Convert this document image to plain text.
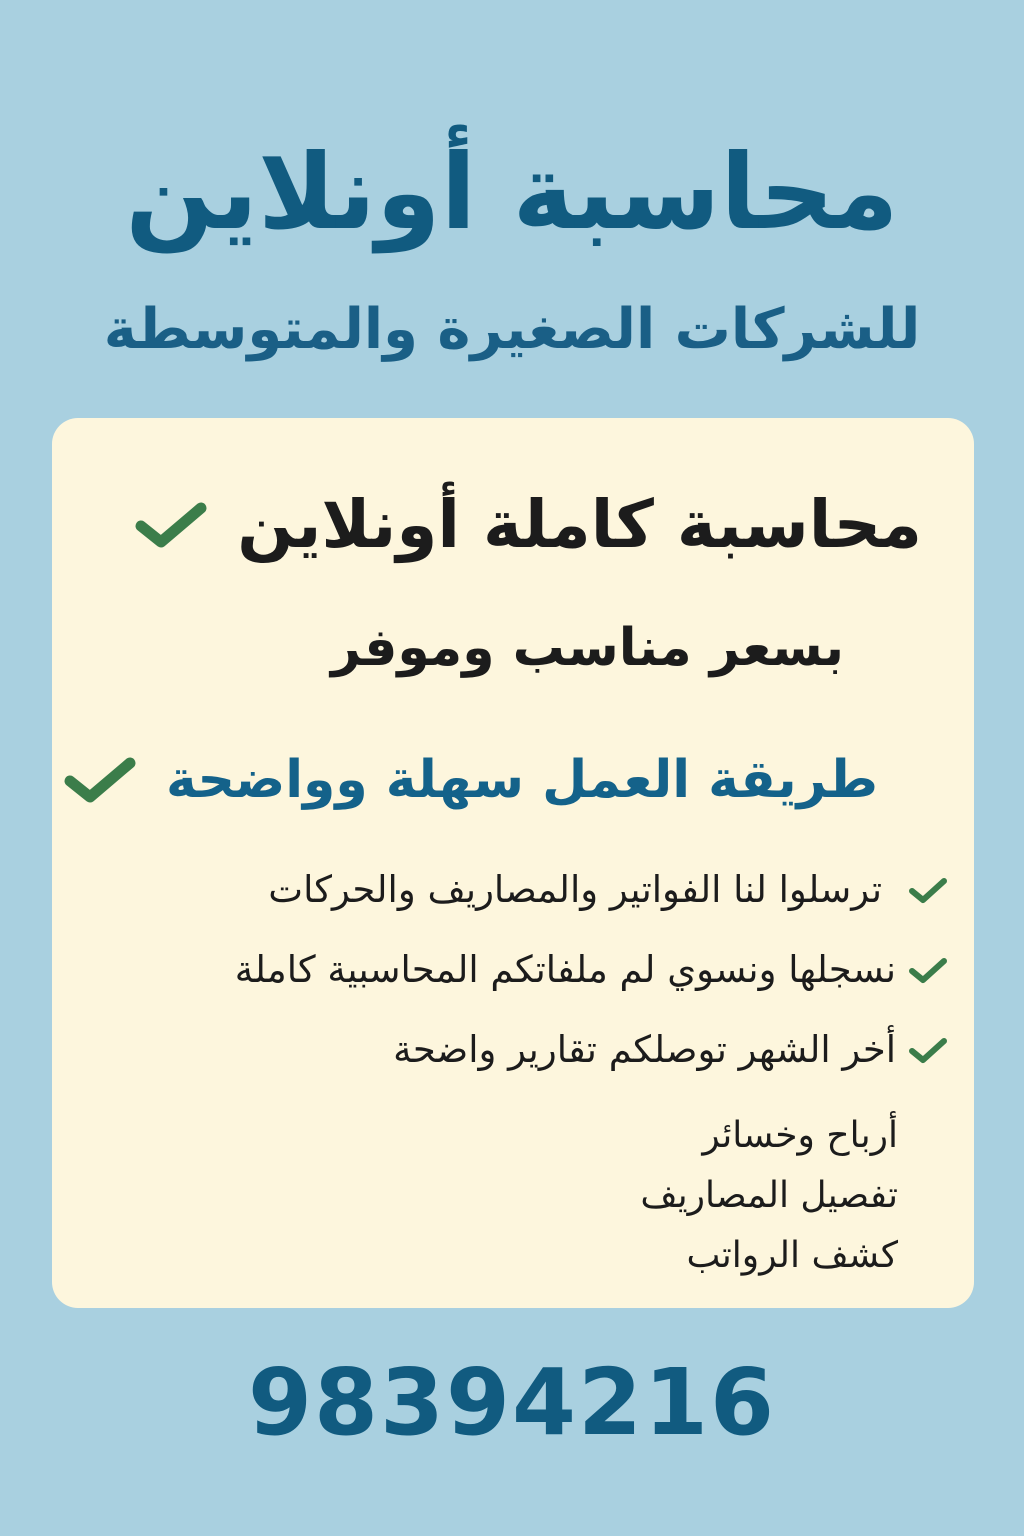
محاسبة أونلاين
للشركات الصغيرة والمتوسطة
محاسبة كاملة أونلاين
بسعر مناسب وموفر
طريقة العمل سهلة وواضحة
ترسلوا لنا الفواتير والمصاريف والحركات
نسجلها ونسوي لم ملفاتكم المحاسبية كاملة
أخر الشهر توصلكم تقارير واضحة
أرباح وخسائر
تفصيل المصاريف
كشف الرواتب
98394216
